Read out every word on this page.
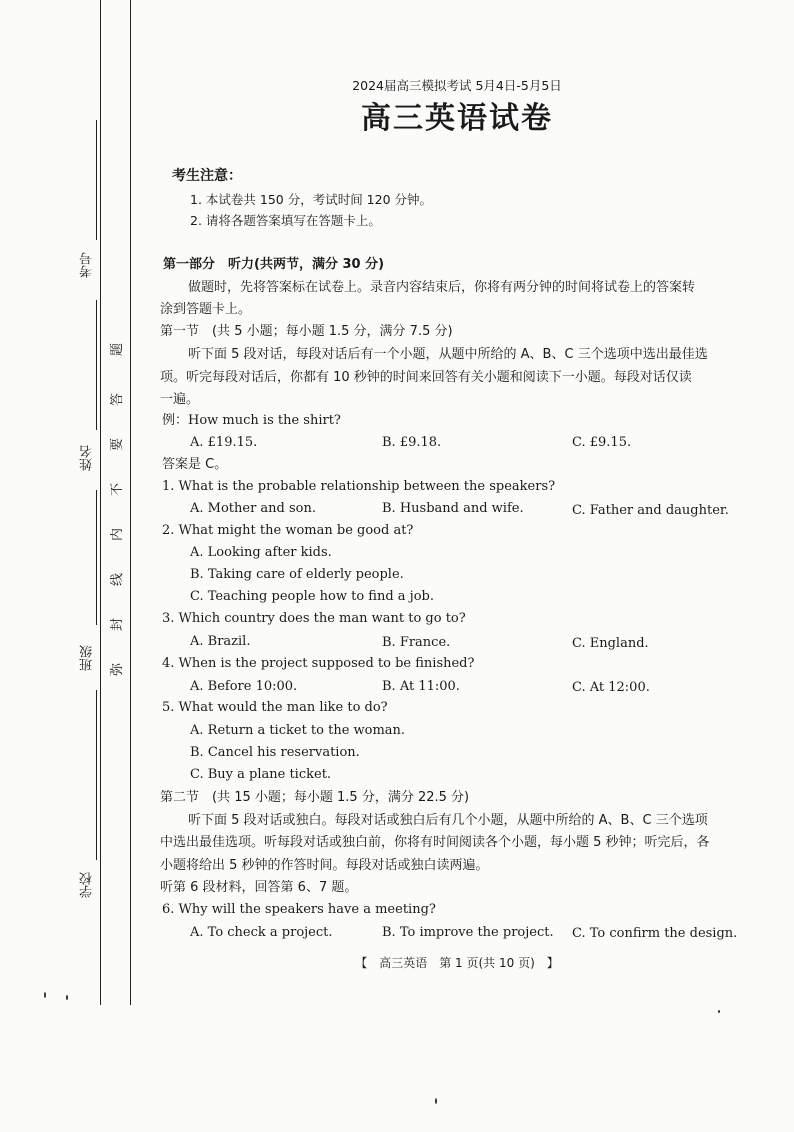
考号
姓名
班级
学校
题
答
要
不
内
线
封
弥
2024届高三模拟考试 5月4日-5月5日
高三英语试卷
考生注意：
1. 本试卷共 150 分，考试时间 120 分钟。
2. 请将各题答案填写在答题卡上。
第一部分　听力(共两节，满分 30 分)
做题时，先将答案标在试卷上。录音内容结束后，你将有两分钟的时间将试卷上的答案转
涂到答题卡上。
第一节　(共 5 小题；每小题 1.5 分，满分 7.5 分)
听下面 5 段对话，每段对话后有一个小题，从题中所给的 A、B、C 三个选项中选出最佳选
项。听完每段对话后，你都有 10 秒钟的时间来回答有关小题和阅读下一小题。每段对话仅读
一遍。
例：How much is the shirt?
A. £19.15.	B. £9.18.	C. £9.15.
答案是 C。
1. What is the probable relationship between the speakers?
A. Mother and son.	B. Husband and wife.	C. Father and daughter.
2. What might the woman be good at?
A. Looking after kids.
B. Taking care of elderly people.
C. Teaching people how to find a job.
3. Which country does the man want to go to?
A. Brazil.	B. France.	C. England.
4. When is the project supposed to be finished?
A. Before 10:00.	B. At 11:00.	C. At 12:00.
5. What would the man like to do?
A. Return a ticket to the woman.
B. Cancel his reservation.
C. Buy a plane ticket.
第二节　(共 15 小题；每小题 1.5 分，满分 22.5 分)
听下面 5 段对话或独白。每段对话或独白后有几个小题，从题中所给的 A、B、C 三个选项
中选出最佳选项。听每段对话或独白前，你将有时间阅读各个小题，每小题 5 秒钟；听完后，各
小题将给出 5 秒钟的作答时间。每段对话或独白读两遍。
听第 6 段材料，回答第 6、7 题。
6. Why will the speakers have a meeting?
A. To check a project.	B. To improve the project. C. To confirm the design.
【　高三英语　第 1 页(共 10 页)　】
